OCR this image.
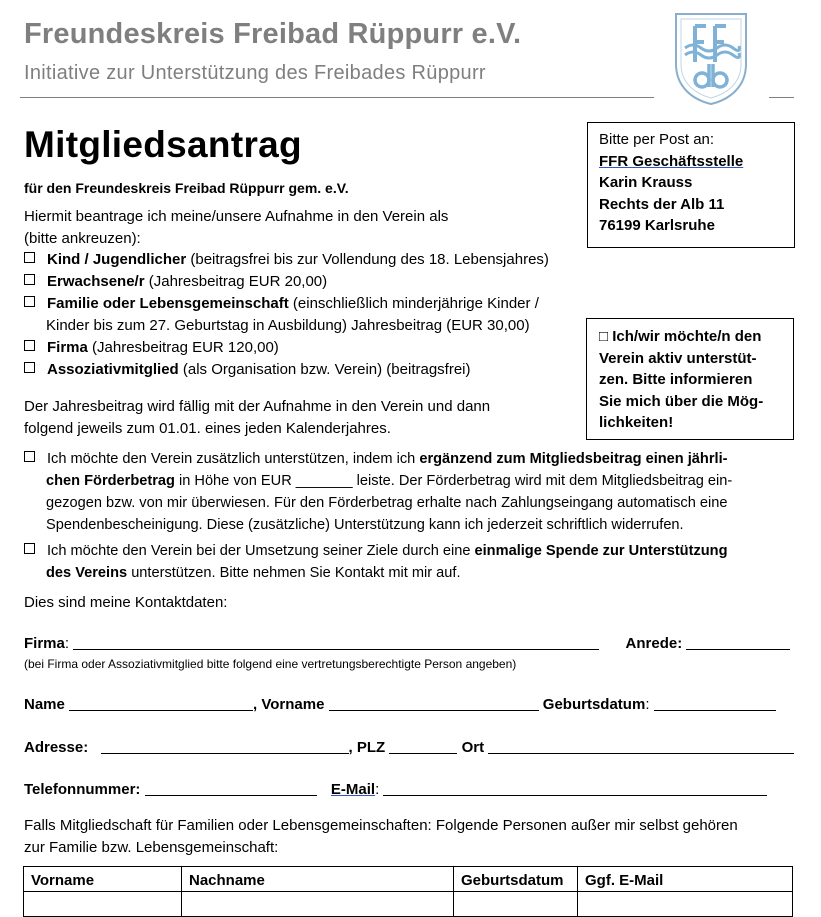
Freundeskreis Freibad Rüppurr e.V.
Initiative zur Unterstützung des Freibades Rüppurr
Mitgliedsantrag
für den Freundeskreis Freibad Rüppurr gem. e.V.
Bitte per Post an:
FFR Geschäftsstelle
Karin Krauss
Rechts der Alb 11
76199 Karlsruhe
Hiermit beantrage ich meine/unsere Aufnahme in den Verein als
(bitte ankreuzen):
Kind / Jugendlicher (beitragsfrei bis zur Vollendung des 18. Lebensjahres)
Erwachsene/r (Jahresbeitrag EUR 20,00)
Familie oder Lebensgemeinschaft (einschließlich minderjährige Kinder /
Kinder bis zum 27. Geburtstag in Ausbildung) Jahresbeitrag (EUR 30,00)
Firma (Jahresbeitrag EUR 120,00)
Assoziativmitglied (als Organisation bzw. Verein) (beitragsfrei)
□ Ich/wir möchte/n den
Verein aktiv unterstüt-
zen. Bitte informieren
Sie mich über die Mög-
lichkeiten!
Der Jahresbeitrag wird fällig mit der Aufnahme in den Verein und dann
folgend jeweils zum 01.01. eines jeden Kalenderjahres.
Ich möchte den Verein zusätzlich unterstützen, indem ich ergänzend zum Mitgliedsbeitrag einen jährli-
chen Förderbetrag in Höhe von EUR _______ leiste. Der Förderbetrag wird mit dem Mitgliedsbeitrag ein-
gezogen bzw. von mir überwiesen. Für den Förderbetrag erhalte nach Zahlungseingang automatisch eine
Spendenbescheinigung. Diese (zusätzliche) Unterstützung kann ich jederzeit schriftlich widerrufen.
Ich möchte den Verein bei der Umsetzung seiner Ziele durch eine einmalige Spende zur Unterstützung
des Vereins unterstützen. Bitte nehmen Sie Kontakt mit mir auf.
Dies sind meine Kontaktdaten:
Firma:	Anrede:
(bei Firma oder Assoziativmitglied bitte folgend eine vertretungsberechtigte Person angeben)
Name	, Vorname	Geburtsdatum:
Adresse:	, PLZ	Ort
Telefonnummer:	E-Mail:
Falls Mitgliedschaft für Familien oder Lebensgemeinschaften: Folgende Personen außer mir selbst gehören
zur Familie bzw. Lebensgemeinschaft:
Vorname	Nachname	Geburtsdatum	Ggf. E-Mail
